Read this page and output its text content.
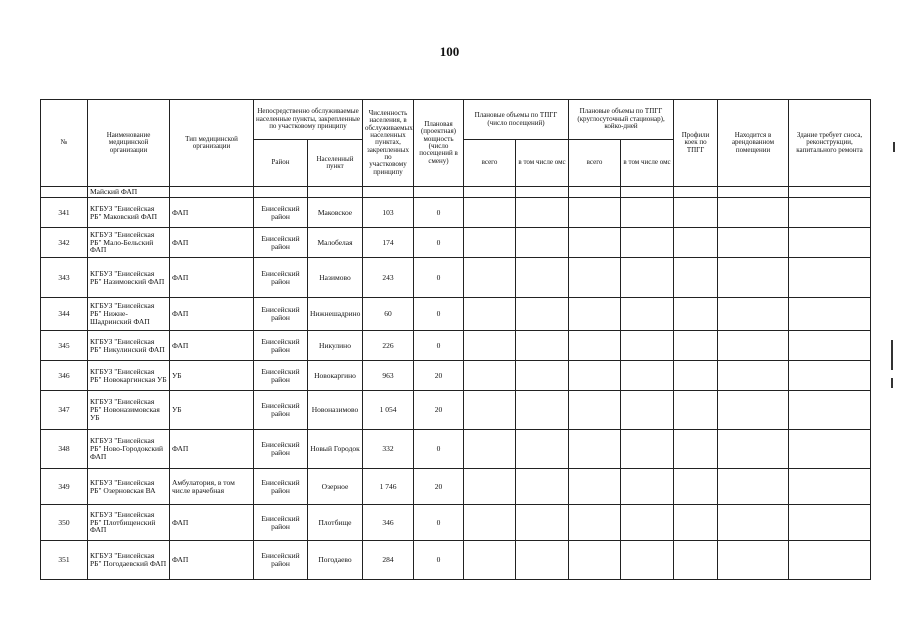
100
№	Наименование медицинской организации	Тип медицинской организации	Непосредственно обслуживаемые населенные пункты, закрепленные по участковому принципу		Численность населения, в обслуживаемых населенных пунктах, закрепленных по участковому принципу	Плановая (проектная) мощность (число посещений в смену)	Плановые объемы по ТПГГ (число посещений)		Плановые объемы по ТПГГ (круглосуточный стационар), койко-дней		Профили коек по ТПГГ	Находится в арендованном помещении	Здание требует сноса, реконструкции, капитального ремонта
			Район	Населенный пункт			всего	в том числе омс	всего	в том числе омс			
	Майский ФАП												
341	КГБУЗ "Енисейская РБ" Маковский ФАП	ФАП	Енисейский район	Маковское	103	0							
342	КГБУЗ "Енисейская РБ" Мало-Бельский ФАП	ФАП	Енисейский район	Малобелая	174	0							
343	КГБУЗ "Енисейская РБ" Назимовский ФАП	ФАП	Енисейский район	Назимово	243	0							
344	КГБУЗ "Енисейская РБ" Нижне-Шадринский ФАП	ФАП	Енисейский район	Нижнешадрино	60	0							
345	КГБУЗ "Енисейская РБ" Никулинский ФАП	ФАП	Енисейский район	Никулино	226	0							
346	КГБУЗ "Енисейская РБ" Новокаргинская УБ	УБ	Енисейский район	Новокаргино	963	20							
347	КГБУЗ "Енисейская РБ" Новоназимовская УБ	УБ	Енисейский район	Новоназимово	1 054	20							
348	КГБУЗ "Енисейская РБ" Ново-Городокский ФАП	ФАП	Енисейский район	Новый Городок	332	0							
349	КГБУЗ "Енисейская РБ" Озерновская ВА	Амбулатория, в том числе врачебная	Енисейский район	Озерное	1 746	20							
350	КГБУЗ "Енисейская РБ" Плотбищенский ФАП	ФАП	Енисейский район	Плотбище	346	0							
351	КГБУЗ "Енисейская РБ" Погодаевский ФАП	ФАП	Енисейский район	Погодаево	284	0							
